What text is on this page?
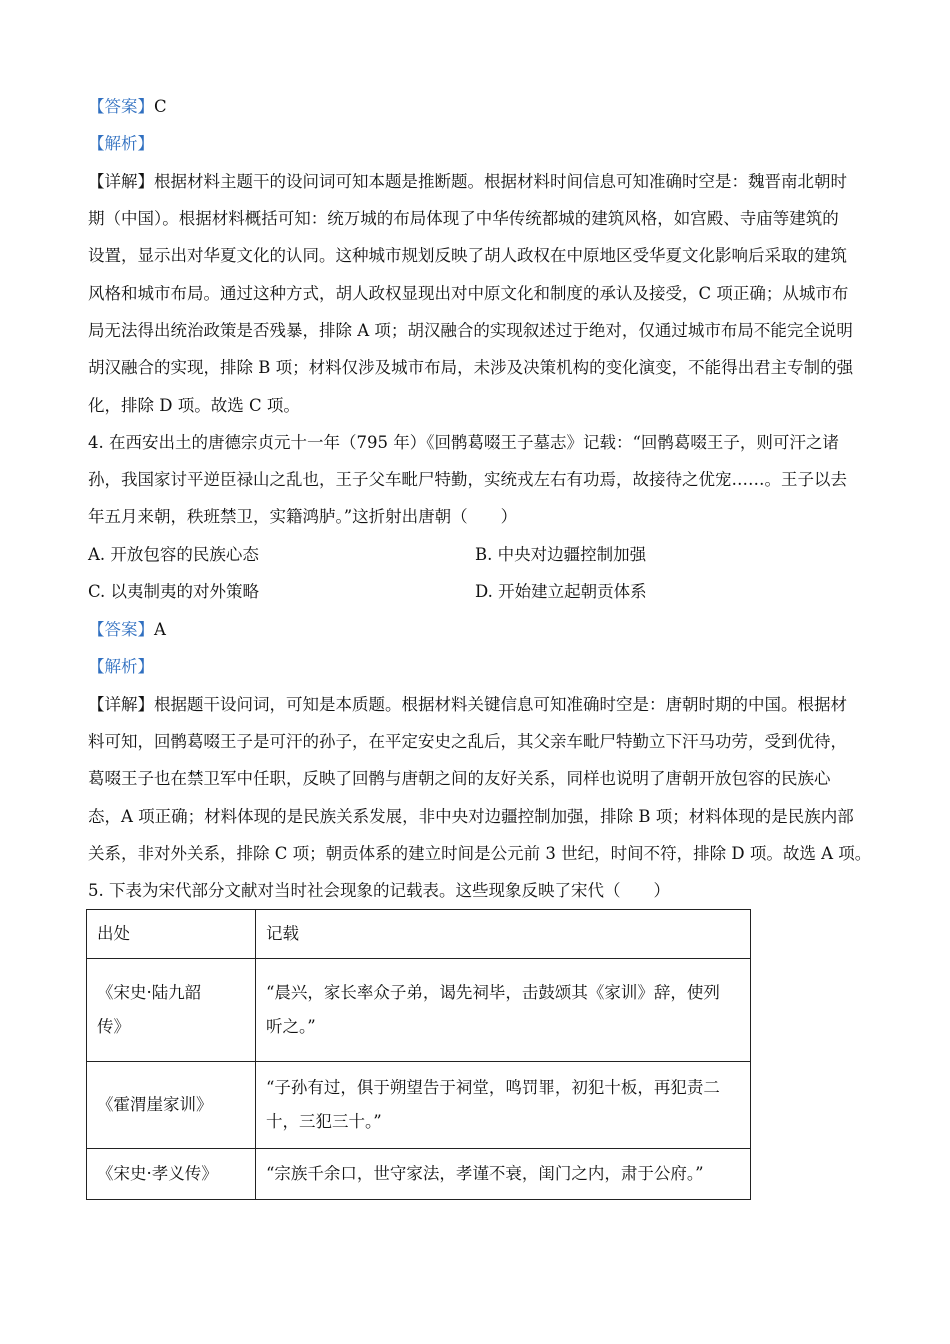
【答案】C
【解析】
【详解】根据材料主题干的设问词可知本题是推断题。根据材料时间信息可知准确时空是：魏晋南北朝时
期（中国）。根据材料概括可知：统万城的布局体现了中华传统都城的建筑风格，如宫殿、寺庙等建筑的
设置，显示出对华夏文化的认同。这种城市规划反映了胡人政权在中原地区受华夏文化影响后采取的建筑
风格和城市布局。通过这种方式，胡人政权显现出对中原文化和制度的承认及接受，C 项正确；从城市布
局无法得出统治政策是否残暴，排除 A 项；胡汉融合的实现叙述过于绝对，仅通过城市布局不能完全说明
胡汉融合的实现，排除 B 项；材料仅涉及城市布局，未涉及决策机构的变化演变，不能得出君主专制的强
化，排除 D 项。故选 C 项。
4. 在西安出土的唐德宗贞元十一年（795 年）《回鹘葛啜王子墓志》记载：“回鹘葛啜王子，则可汗之诸
孙，我国家讨平逆臣禄山之乱也，王子父车毗尸特勤，实统戎左右有功焉，故接待之优宠……。王子以去
年五月来朝，秩班禁卫，实籍鸿胪。”这折射出唐朝（　　）
A. 开放包容的民族心态	B. 中央对边疆控制加强
C. 以夷制夷的对外策略	D. 开始建立起朝贡体系
【答案】A
【解析】
【详解】根据题干设问词，可知是本质题。根据材料关键信息可知准确时空是：唐朝时期的中国。根据材
料可知，回鹘葛啜王子是可汗的孙子，在平定安史之乱后，其父亲车毗尸特勤立下汗马功劳，受到优待，
葛啜王子也在禁卫军中任职，反映了回鹘与唐朝之间的友好关系，同样也说明了唐朝开放包容的民族心
态，A 项正确；材料体现的是民族关系发展，非中央对边疆控制加强，排除 B 项；材料体现的是民族内部
关系，非对外关系，排除 C 项；朝贡体系的建立时间是公元前 3 世纪，时间不符，排除 D 项。故选 A 项。
5. 下表为宋代部分文献对当时社会现象的记载表。这些现象反映了宋代（　　）
出处	记载

《宋史·陆九韶
传》	“晨兴，家长率众子弟，谒先祠毕，击鼓颂其《家训》辞，使列
听之。”

《霍渭崖家训》	“子孙有过，俱于朔望告于祠堂，鸣罚罪，初犯十板，再犯责二
十，三犯三十。”

《宋史·孝义传》	“宗族千余口，世守家法，孝谨不衰，闺门之内，肃于公府。”
